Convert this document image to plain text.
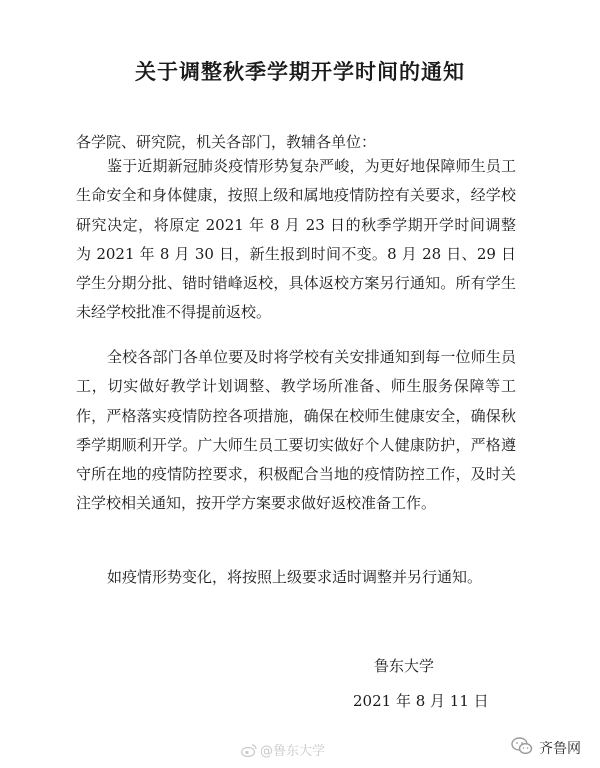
关于调整秋季学期开学时间的通知
各学院、研究院，机关各部门，教辅各单位：

鉴于近期新冠肺炎疫情形势复杂严峻，为更好地保障师生员工生命安全和身体健康，按照上级和属地疫情防控有关要求，经学校研究决定，将原定 2021 年 8 月 23 日的秋季学期开学时间调整为 2021 年 8 月 30 日，新生报到时间不变。8 月 28 日、29 日学生分期分批、错时错峰返校，具体返校方案另行通知。所有学生未经学校批准不得提前返校。

全校各部门各单位要及时将学校有关安排通知到每一位师生员工，切实做好教学计划调整、教学场所准备、师生服务保障等工作，严格落实疫情防控各项措施，确保在校师生健康安全，确保秋季学期顺利开学。广大师生员工要切实做好个人健康防护，严格遵守所在地的疫情防控要求，积极配合当地的疫情防控工作，及时关注学校相关通知，按开学方案要求做好返校准备工作。

如疫情形势变化，将按照上级要求适时调整并另行通知。

鲁东大学
2021 年 8 月 11 日
@鲁东大学	齐鲁网
